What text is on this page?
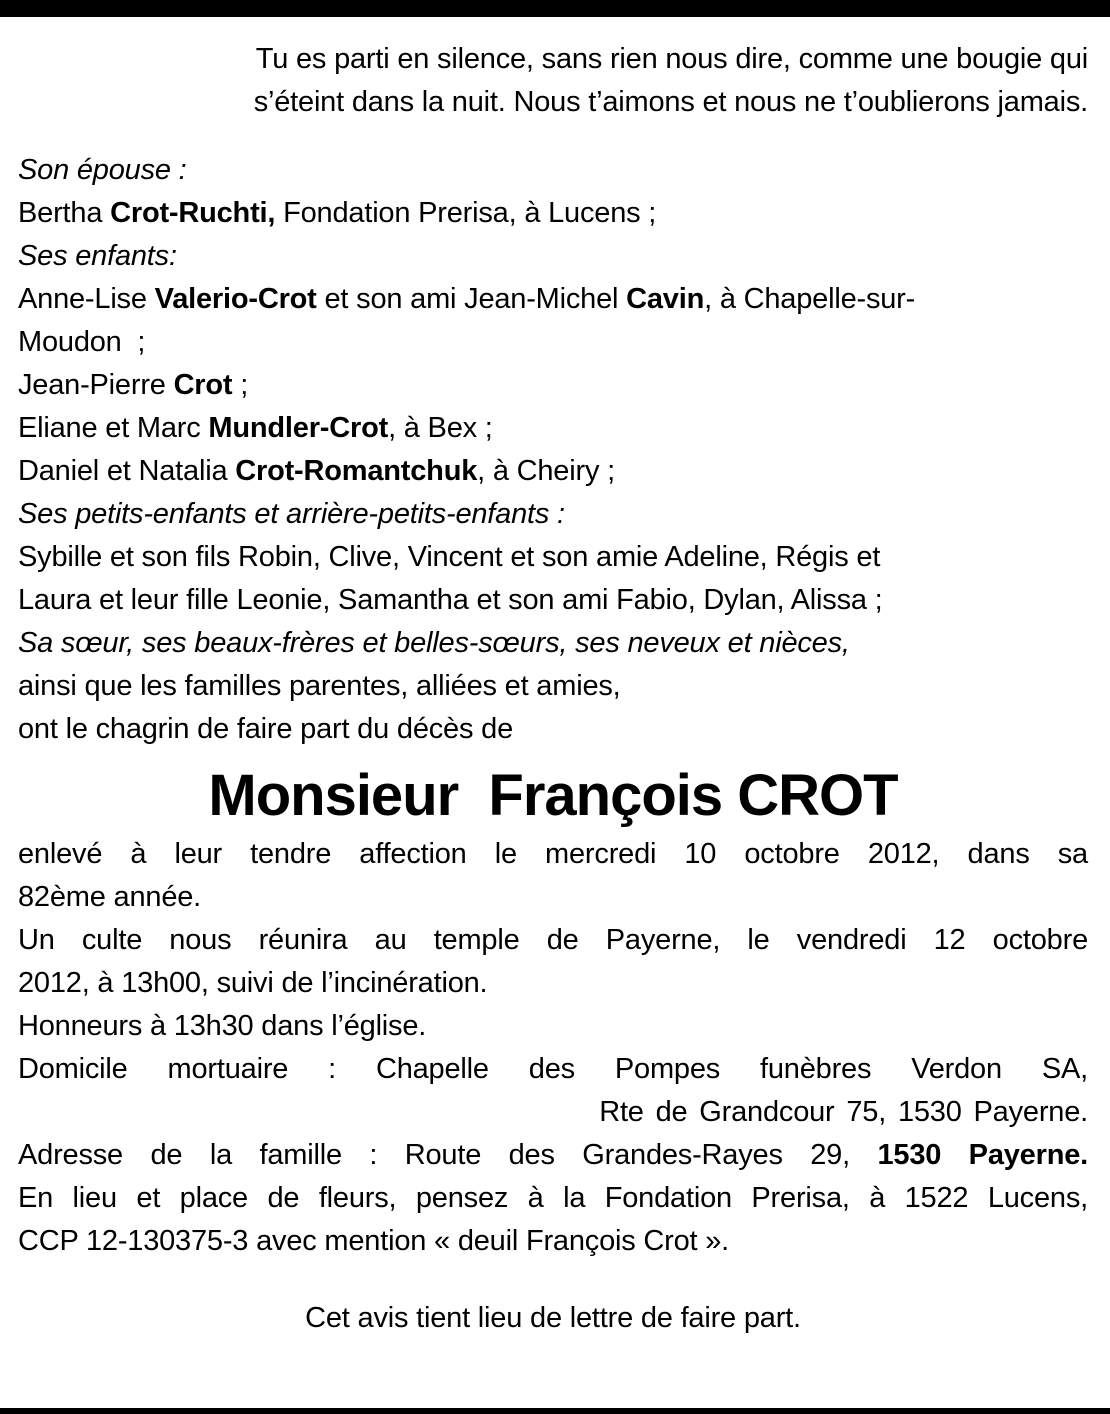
Tu es parti en silence, sans rien nous dire, comme une bougie qui
s’éteint dans la nuit. Nous t’aimons et nous ne t’oublierons jamais.
Son épouse :
Bertha Crot-Ruchti, Fondation Prerisa, à Lucens ;
Ses enfants:
Anne-Lise Valerio-Crot et son ami Jean-Michel Cavin, à Chapelle-sur-
Moudon  ;
Jean-Pierre Crot ;
Eliane et Marc Mundler-Crot, à Bex ;
Daniel et Natalia Crot-Romantchuk, à Cheiry ;
Ses petits-enfants et arrière-petits-enfants :
Sybille et son fils Robin, Clive, Vincent et son amie Adeline, Régis et
Laura et leur fille Leonie, Samantha et son ami Fabio, Dylan, Alissa ;
Sa sœur, ses beaux-frères et belles-sœurs, ses neveux et nièces,
ainsi que les familles parentes, alliées et amies,
ont le chagrin de faire part du décès de
Monsieur  François CROT
enlevé à leur tendre affection le mercredi 10 octobre 2012, dans sa
82ème année.
Un culte nous réunira au temple de Payerne, le vendredi 12 octobre
2012, à 13h00, suivi de l’incinération.
Honneurs à 13h30 dans l’église.
Domicile mortuaire : Chapelle des Pompes funèbres Verdon SA,
Rte de Grandcour 75, 1530 Payerne.
Adresse de la famille : Route des Grandes-Rayes 29, 1530 Payerne.
En lieu et place de fleurs, pensez à la Fondation Prerisa, à 1522 Lucens,
CCP 12-130375-3 avec mention « deuil François Crot ».
Cet avis tient lieu de lettre de faire part.
